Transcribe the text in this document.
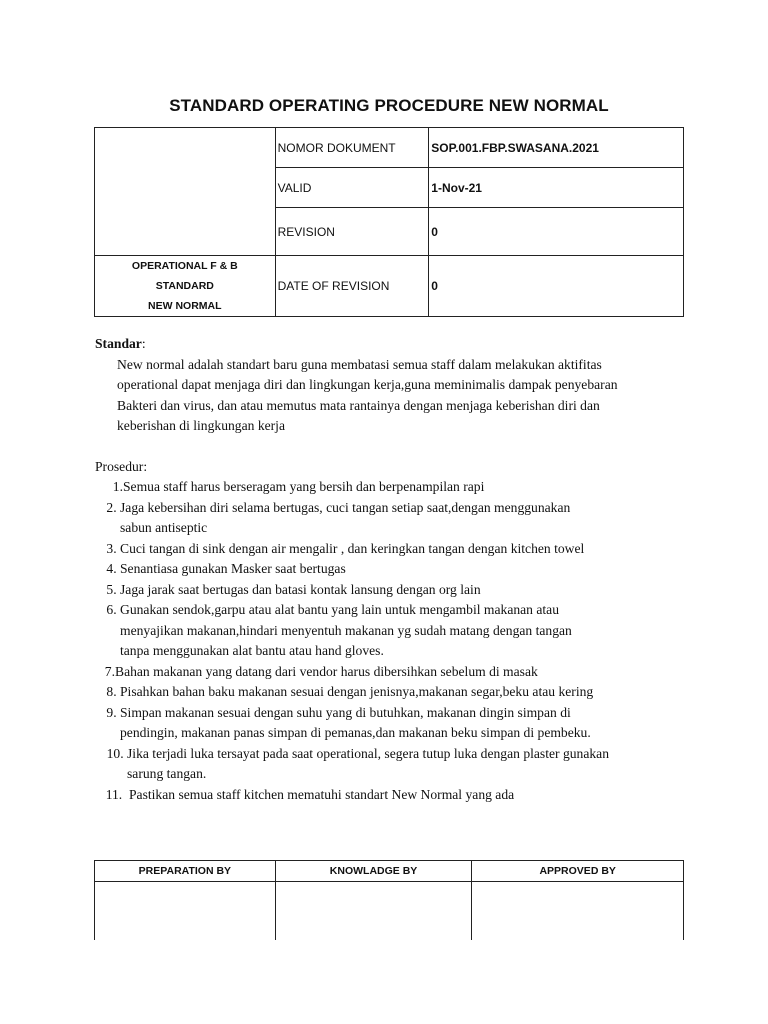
STANDARD OPERATING PROCEDURE NEW NORMAL
	NOMOR DOKUMENT	SOP.001.FBP.SWASANA.2021
	VALID	1-Nov-21
	REVISION	0

OPERATIONAL F & B
STANDARD
NEW NORMAL	DATE OF REVISION	0

Standar:

New normal adalah standart baru guna membatasi semua staff dalam melakukan aktifitas

operational dapat menjaga diri dan lingkungan kerja,guna meminimalis dampak penyebaran

Bakteri dan virus, dan atau memutus mata rantainya dengan menjaga keberishan diri dan

keberishan di lingkungan kerja

Prosedur:

1. Semua staff harus berseragam yang bersih dan berpenampilan rapi
2. Jaga kebersihan diri selama bertugas, cuci tangan setiap saat,dengan menggunakan
sabun antiseptic
3. Cuci tangan di sink dengan air mengalir , dan keringkan tangan dengan kitchen towel
4. Senantiasa gunakan Masker saat bertugas
5. Jaga jarak saat bertugas dan batasi kontak lansung dengan org lain
6. Gunakan sendok,garpu atau alat bantu yang lain untuk mengambil makanan atau
menyajikan makanan,hindari menyentuh makanan yg sudah matang dengan tangan
tanpa menggunakan alat bantu atau hand gloves.
7. Bahan makanan yang datang dari vendor harus dibersihkan sebelum di masak
8. Pisahkan bahan baku makanan sesuai dengan jenisnya,makanan segar,beku atau kering
9. Simpan makanan sesuai dengan suhu yang di butuhkan, makanan dingin simpan di
pendingin, makanan panas simpan di pemanas,dan makanan beku simpan di pembeku.
10. Jika terjadi luka tersayat pada saat operational, segera tutup luka dengan plaster gunakan
sarung tangan.
11. Pastikan semua staff kitchen mematuhi standart New Normal yang ada
PREPARATION BY	KNOWLADGE BY	APPROVED BY
